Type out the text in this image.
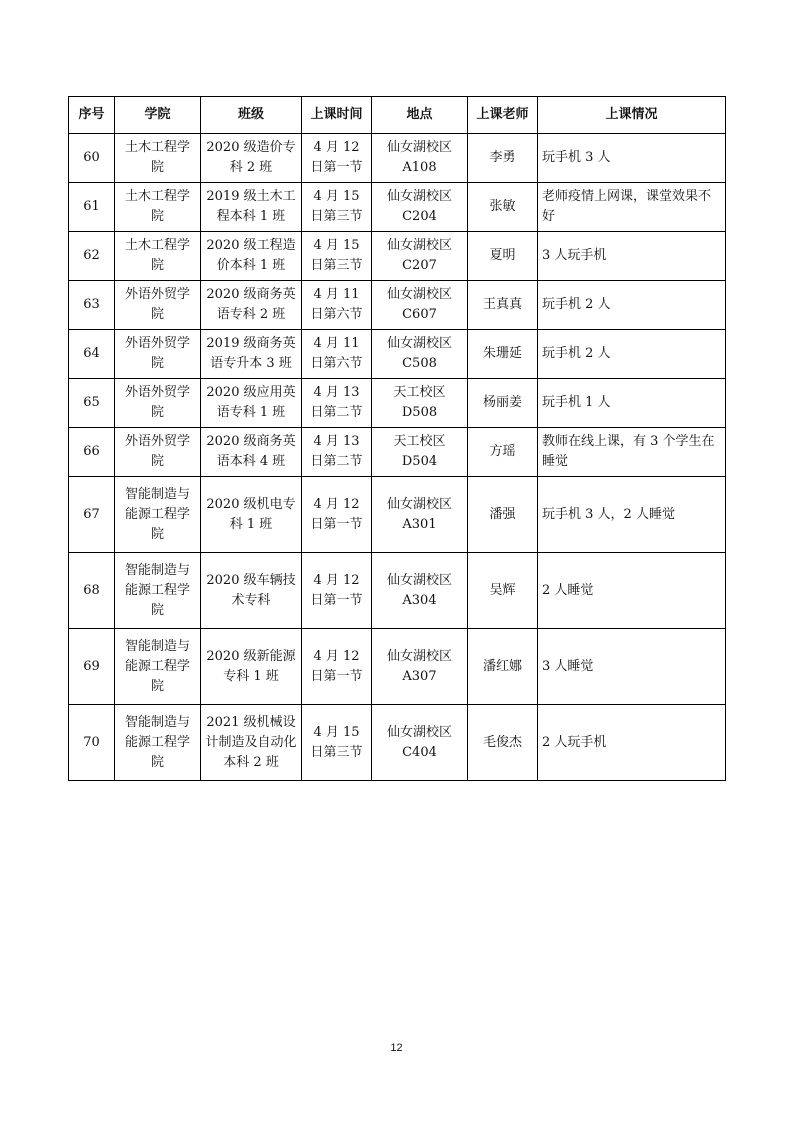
序号	学院	班级	上课时间	地点	上课老师	上课情况
60	土木工程学院	2020 级造价专科 2 班	4 月 12 日第一节	仙女湖校区 A108	李勇	玩手机 3 人
61	土木工程学院	2019 级土木工程本科 1 班	4 月 15 日第三节	仙女湖校区 C204	张敏	老师疫情上网课，课堂效果不好
62	土木工程学院	2020 级工程造价本科 1 班	4 月 15 日第三节	仙女湖校区 C207	夏明	3 人玩手机
63	外语外贸学院	2020 级商务英语专科 2 班	4 月 11 日第六节	仙女湖校区 C607	王真真	玩手机 2 人
64	外语外贸学院	2019 级商务英语专升本 3 班	4 月 11 日第六节	仙女湖校区 C508	朱珊延	玩手机 2 人
65	外语外贸学院	2020 级应用英语专科 1 班	4 月 13 日第二节	天工校区 D508	杨丽姜	玩手机 1 人
66	外语外贸学院	2020 级商务英语本科 4 班	4 月 13 日第二节	天工校区 D504	方瑶	教师在线上课，有 3 个学生在睡觉
67	智能制造与能源工程学院	2020 级机电专科 1 班	4 月 12 日第一节	仙女湖校区 A301	潘强	玩手机 3 人，2 人睡觉
68	智能制造与能源工程学院	2020 级车辆技术专科	4 月 12 日第一节	仙女湖校区 A304	吴辉	2 人睡觉
69	智能制造与能源工程学院	2020 级新能源专科 1 班	4 月 12 日第一节	仙女湖校区 A307	潘红娜	3 人睡觉
70	智能制造与能源工程学院	2021 级机械设计制造及自动化本科 2 班	4 月 15 日第三节	仙女湖校区 C404	毛俊杰	2 人玩手机
12
